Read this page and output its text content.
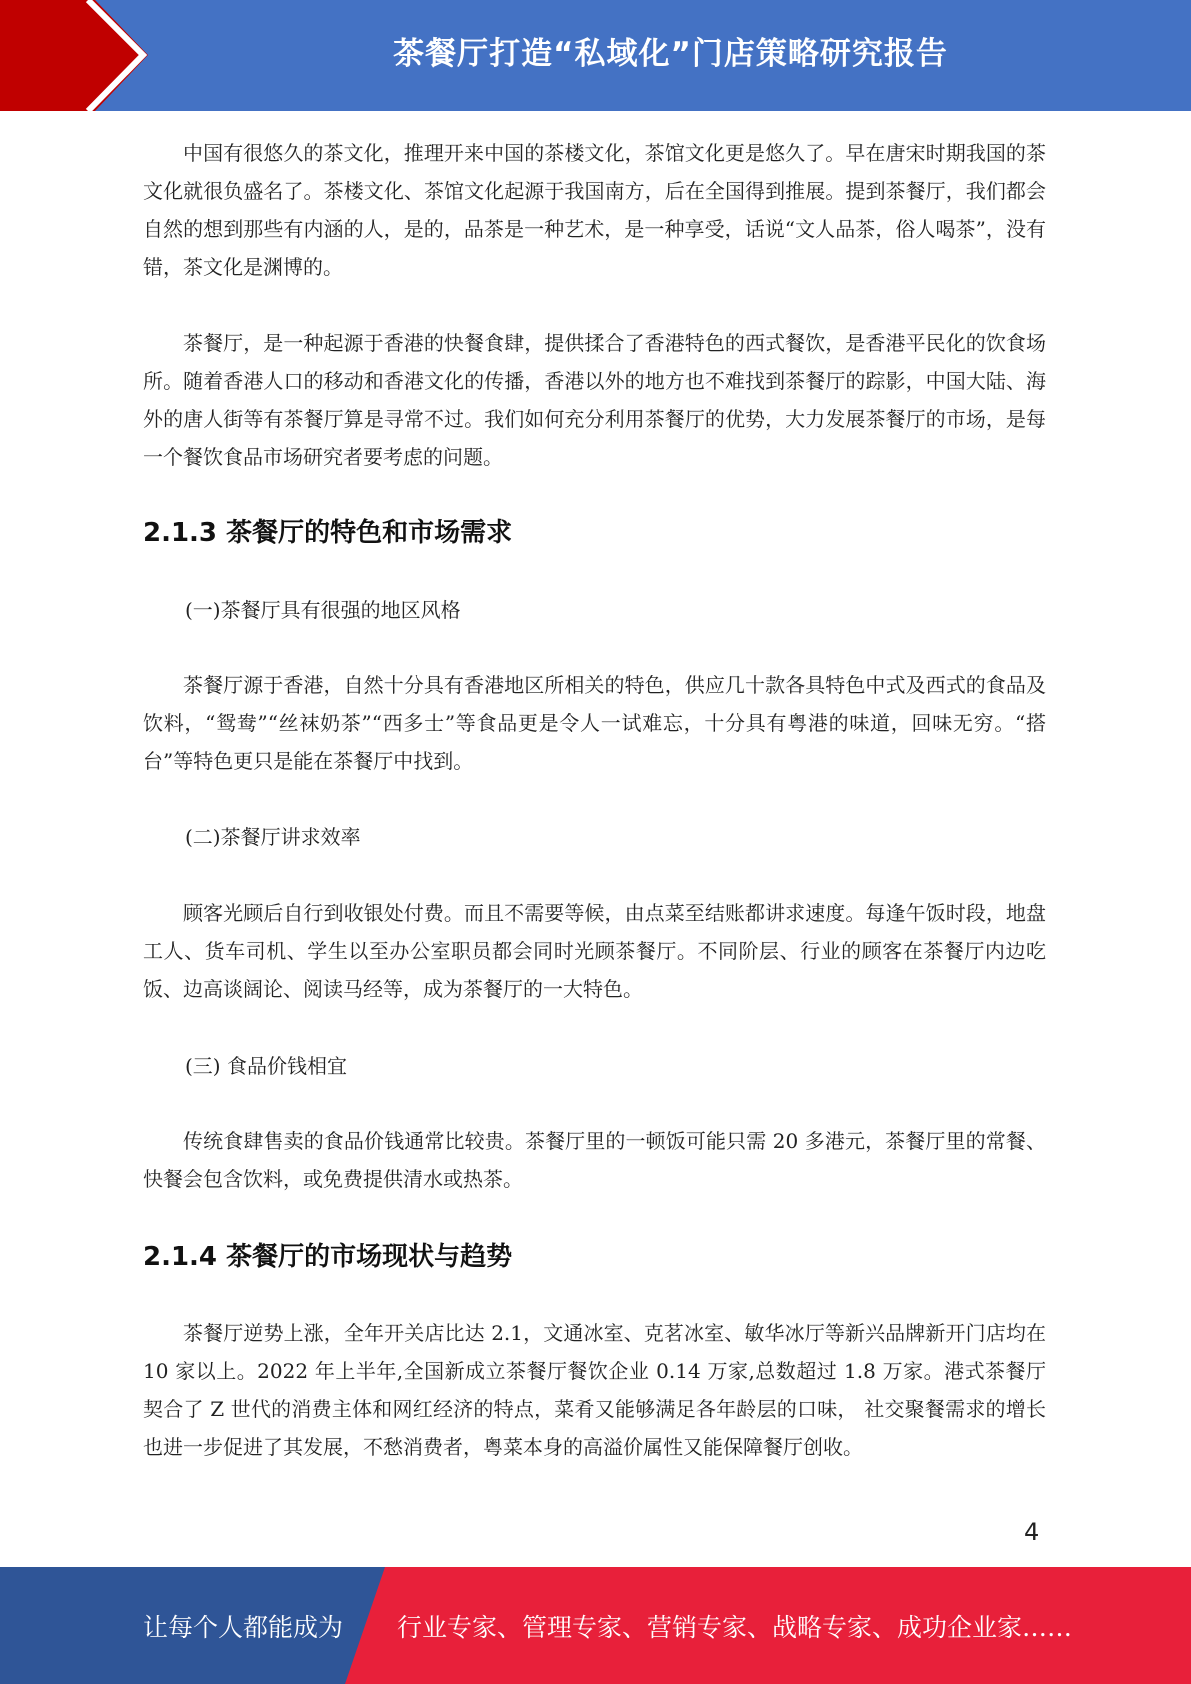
茶餐厅打造“私域化”门店策略研究报告

中国有很悠久的茶文化，推理开来中国的茶楼文化，茶馆文化更是悠久了。早在唐宋时期我国的茶文化就很负盛名了。茶楼文化、茶馆文化起源于我国南方，后在全国得到推展。提到茶餐厅，我们都会自然的想到那些有内涵的人，是的，品茶是一种艺术，是一种享受，话说“文人品茶，俗人喝茶”，没有错，茶文化是渊博的。

茶餐厅，是一种起源于香港的快餐食肆，提供揉合了香港特色的西式餐饮，是香港平民化的饮食场所。随着香港人口的移动和香港文化的传播，香港以外的地方也不难找到茶餐厅的踪影，中国大陆、海外的唐人街等有茶餐厅算是寻常不过。我们如何充分利用茶餐厅的优势，大力发展茶餐厅的市场，是每一个餐饮食品市场研究者要考虑的问题。

2.1.3 茶餐厅的特色和市场需求

(一)茶餐厅具有很强的地区风格

茶餐厅源于香港，自然十分具有香港地区所相关的特色，供应几十款各具特色中式及西式的食品及饮料，“鸳鸯”“丝袜奶茶”“西多士”等食品更是令人一试难忘，十分具有粤港的味道，回味无穷。“搭台”等特色更只是能在茶餐厅中找到。

(二)茶餐厅讲求效率

顾客光顾后自行到收银处付费。而且不需要等候，由点菜至结账都讲求速度。每逢午饭时段，地盘工人、货车司机、学生以至办公室职员都会同时光顾茶餐厅。不同阶层、行业的顾客在茶餐厅内边吃饭、边高谈阔论、阅读马经等，成为茶餐厅的一大特色。

(三) 食品价钱相宜

传统食肆售卖的食品价钱通常比较贵。茶餐厅里的一顿饭可能只需 20 多港元，茶餐厅里的常餐、快餐会包含饮料，或免费提供清水或热茶。

2.1.4 茶餐厅的市场现状与趋势

茶餐厅逆势上涨，全年开关店比达 2.1，文通冰室、克茗冰室、敏华冰厅等新兴品牌新开门店均在 10 家以上。2022 年上半年,全国新成立茶餐厅餐饮企业 0.14 万家,总数超过 1.8 万家。港式茶餐厅契合了 Z 世代的消费主体和网红经济的特点，菜肴又能够满足各年龄层的口味， 社交聚餐需求的增长也进一步促进了其发展，不愁消费者，粤菜本身的高溢价属性又能保障餐厅创收。

4
让每个人都能成为 行业专家、管理专家、营销专家、战略专家、成功企业家……
